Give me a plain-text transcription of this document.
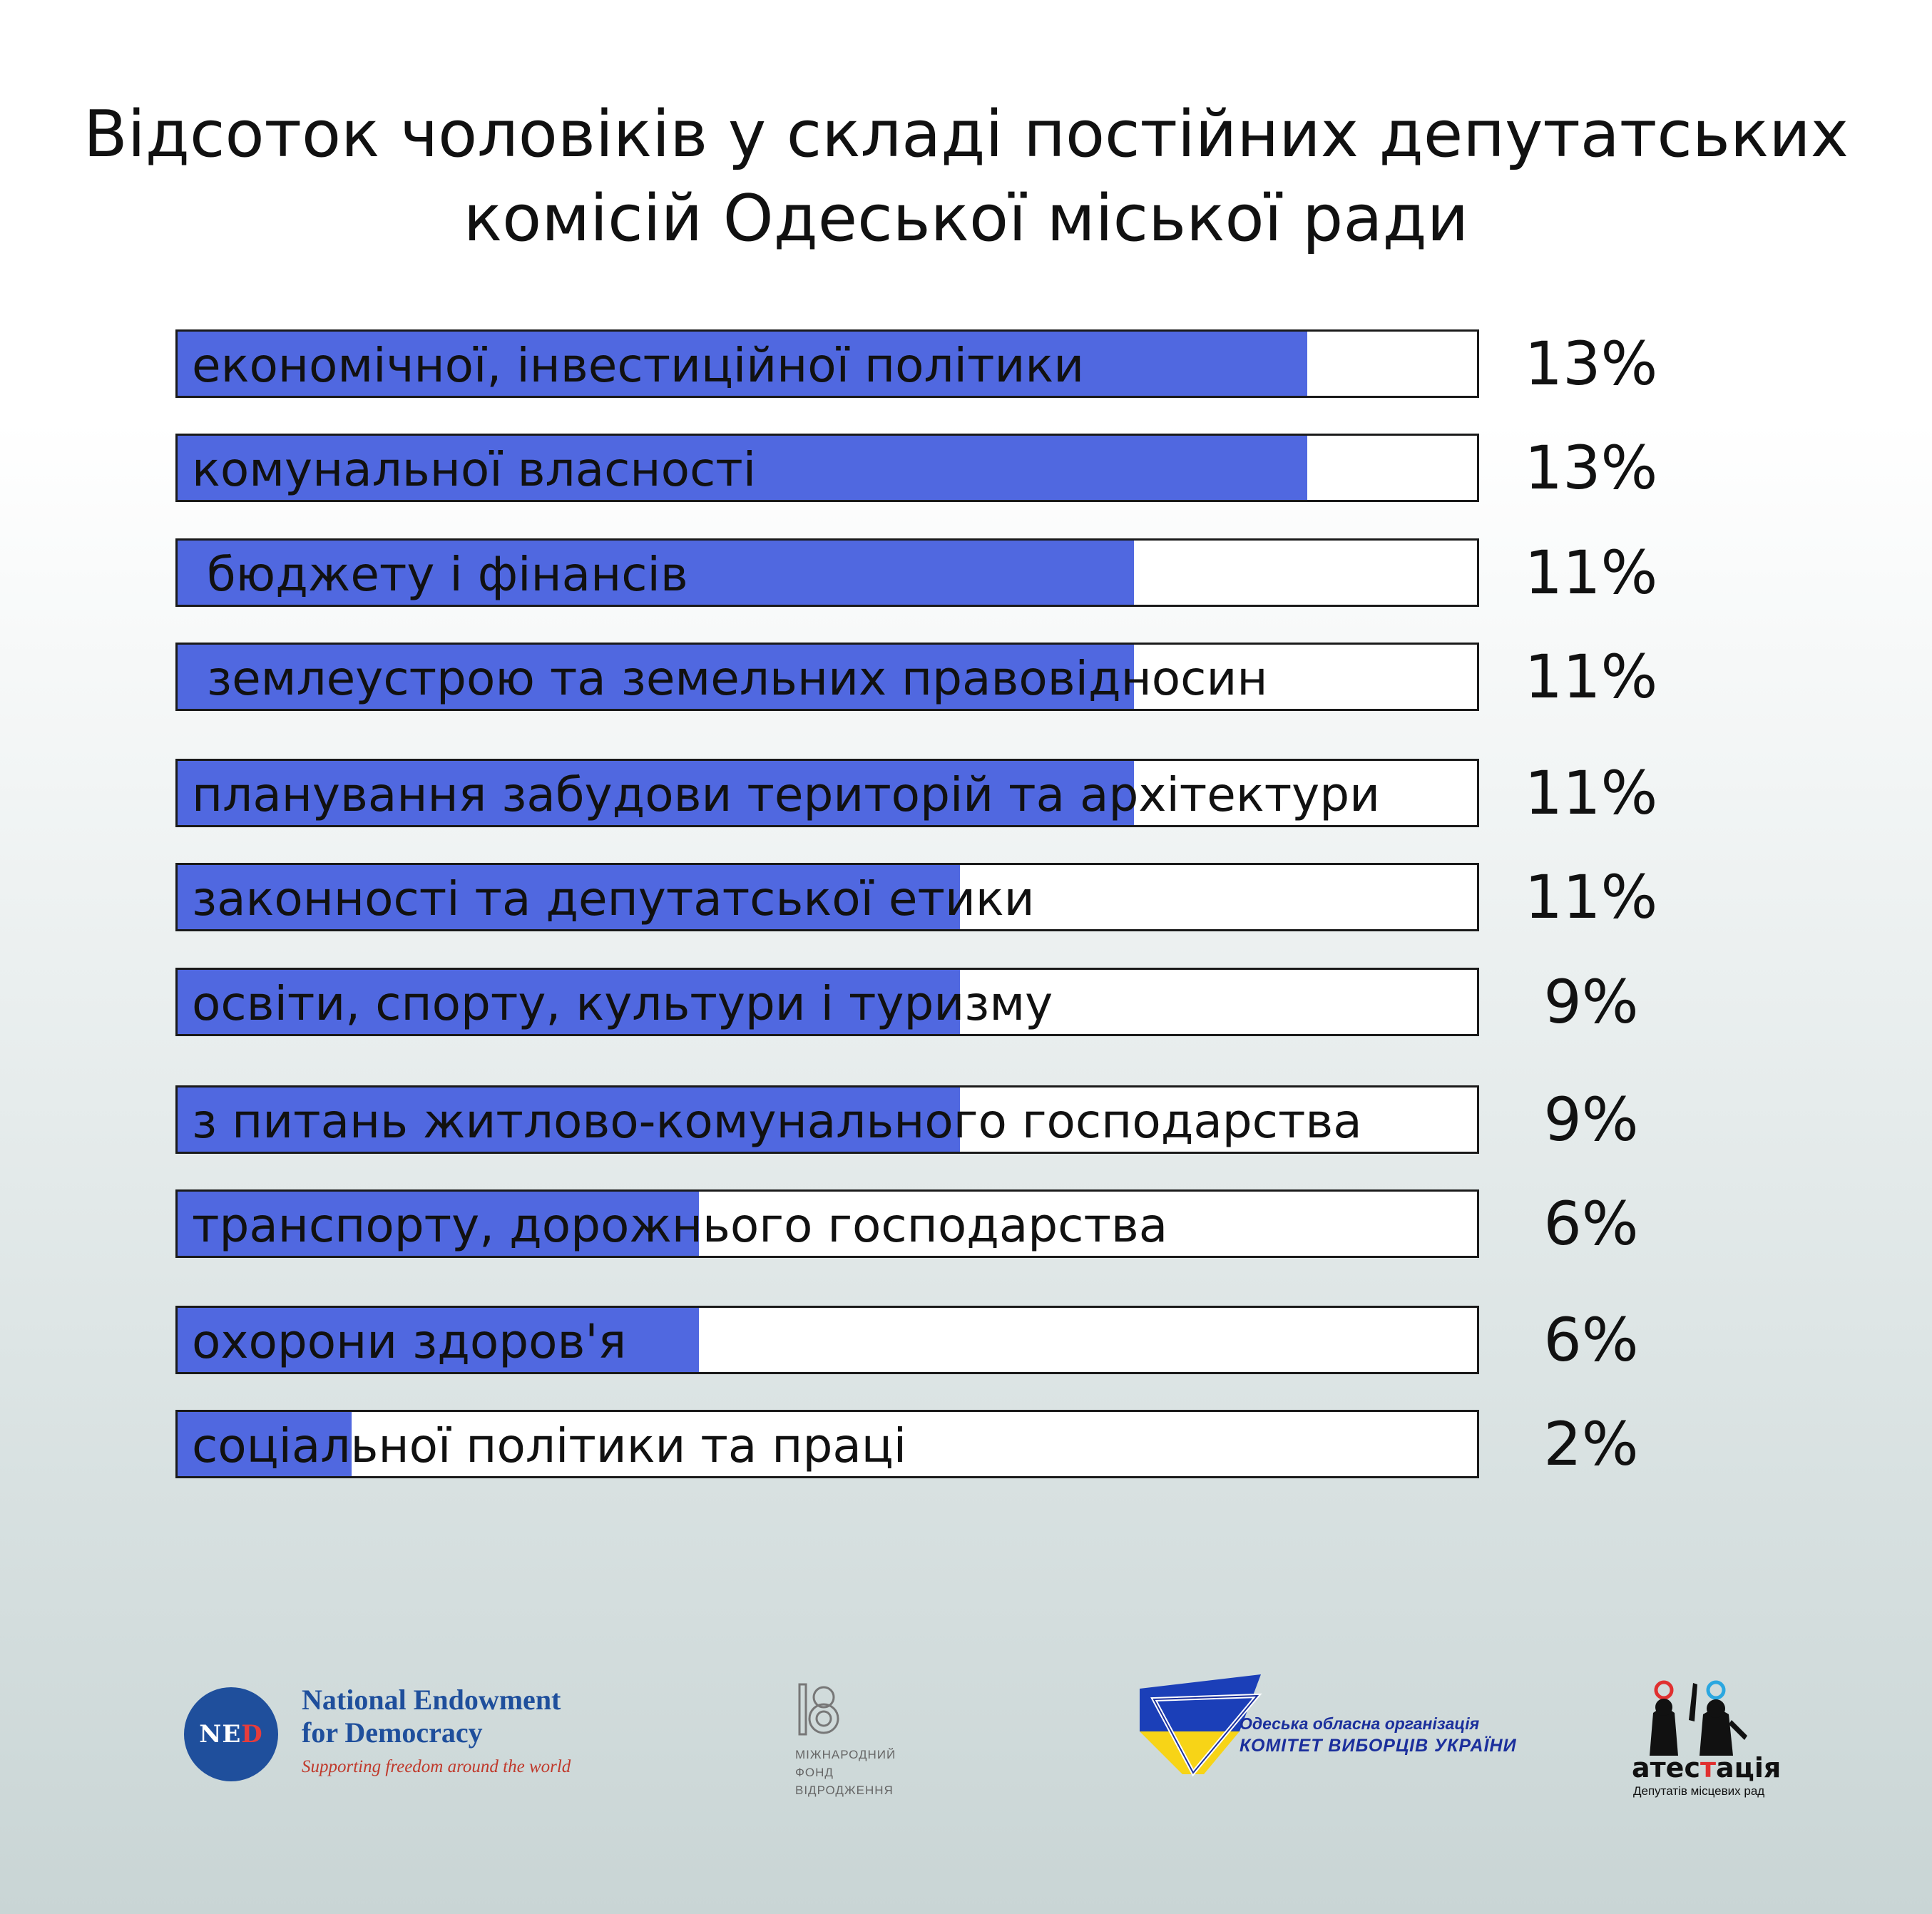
Відсоток чоловіків у складі постійних депутатських
комісій Одеської міської ради
економічної, інвестиційної політики	13%
комунальної власності	13%
бюджету і фінансів	11%
землеустрою та земельних правовідносин	11%
планування забудови територій та архітектури	11%
законності та депутатської етики	11%
освіти, спорту, культури і туризму	9%
з питань житлово-комунального господарства	9%
транспорту, дорожнього господарства	6%
охорони здоров'я	6%
соціальної політики та праці	2%
NED
National Endowment
for Democracy
Supporting freedom around the world
МІЖНАРОДНИЙ
ФОНД
ВІДРОДЖЕННЯ
Одеська обласна організація
КОМІТЕТ ВИБОРЦІВ УКРАЇНИ
атестація
Депутатів місцевих рад
